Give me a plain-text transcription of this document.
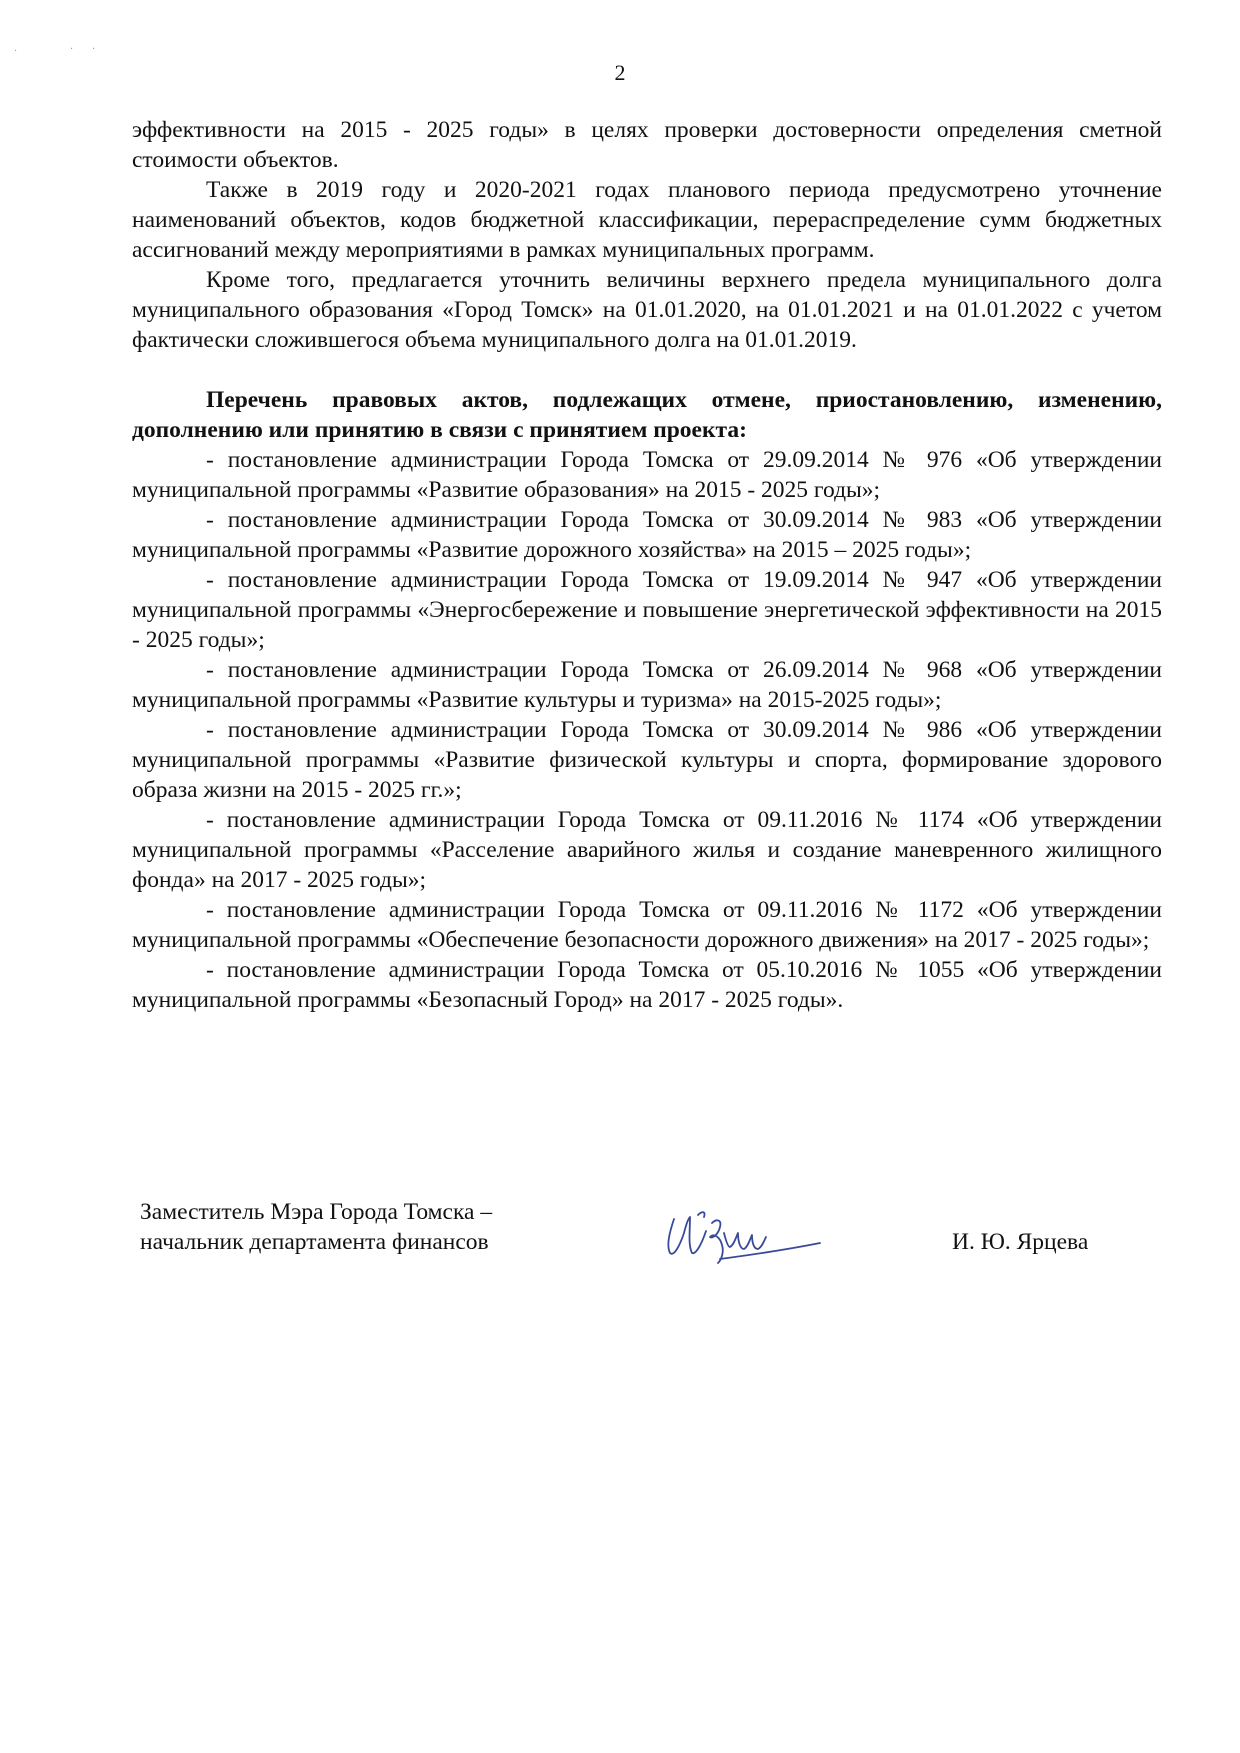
2
·	· ·

эффективности на 2015 - 2025 годы» в целях проверки достоверности определения сметной стоимости объектов.

Также в 2019 году и 2020-2021 годах планового периода предусмотрено уточнение наименований объектов, кодов бюджетной классификации, перераспределение сумм бюджетных ассигнований между мероприятиями в рамках муниципальных программ.

Кроме того, предлагается уточнить величины верхнего предела муниципального долга муниципального образования «Город Томск» на 01.01.2020, на 01.01.2021 и на 01.01.2022 с учетом фактически сложившегося объема муниципального долга на 01.01.2019.

Перечень правовых актов, подлежащих отмене, приостановлению, изменению, дополнению или принятию в связи с принятием проекта:

- постановление администрации Города Томска от 29.09.2014 № 976 «Об утверждении муниципальной программы «Развитие образования» на 2015 - 2025 годы»;

- постановление администрации Города Томска от 30.09.2014 № 983 «Об утверждении муниципальной программы «Развитие дорожного хозяйства» на 2015 – 2025 годы»;

- постановление администрации Города Томска от 19.09.2014 № 947 «Об утверждении муниципальной программы «Энергосбережение и повышение энергетической эффективности на 2015 - 2025 годы»;

- постановление администрации Города Томска от 26.09.2014 № 968 «Об утверждении муниципальной программы «Развитие культуры и туризма» на 2015-2025 годы»;

- постановление администрации Города Томска от 30.09.2014 № 986 «Об утверждении муниципальной программы «Развитие физической культуры и спорта, формирование здорового образа жизни на 2015 - 2025 гг.»;

- постановление администрации Города Томска от 09.11.2016 № 1174 «Об утверждении муниципальной программы «Расселение аварийного жилья и создание маневренного жилищного фонда» на 2017 - 2025 годы»;

- постановление администрации Города Томска от 09.11.2016 № 1172 «Об утверждении муниципальной программы «Обеспечение безопасности дорожного движения» на 2017 - 2025 годы»;

- постановление администрации Города Томска от 05.10.2016 № 1055 «Об утверждении муниципальной программы «Безопасный Город» на 2017 - 2025 годы».

Заместитель Мэра Города Томска –
начальник департамента финансов	И. Ю. Ярцева
